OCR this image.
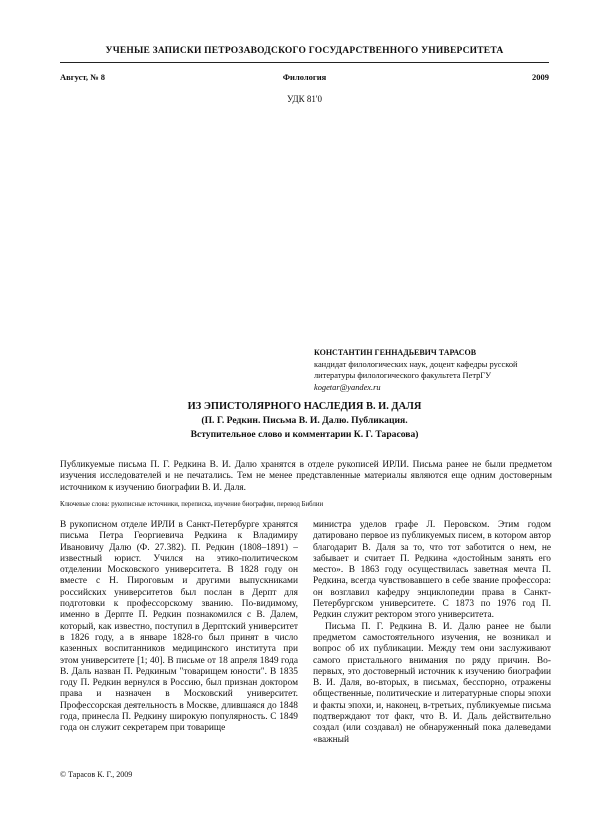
УЧЕНЫЕ ЗАПИСКИ ПЕТРОЗАВОДСКОГО ГОСУДАРСТВЕННОГО УНИВЕРСИТЕТА
Август, № 8	Филология	2009
УДК 81'0
КОНСТАНТИН ГЕННАДЬЕВИЧ ТАРАСОВ
кандидат филологических наук, доцент кафедры русской
литературы филологического факультета ПетрГУ
kogetar@yandex.ru
ИЗ ЭПИСТОЛЯРНОГО НАСЛЕДИЯ В. И. ДАЛЯ
(П. Г. Редкин. Письма В. И. Далю. Публикация.
Вступительное слово и комментарии К. Г. Тарасова)
Публикуемые письма П. Г. Редкина В. И. Далю хранятся в отделе рукописей ИРЛИ. Письма ранее не были предметом изучения исследователей и не печатались. Тем не менее представленные материалы являются еще одним достоверным источником к изучению биографии В. И. Даля.
Ключевые слова: рукописные источники, переписка, изучение биографии, перевод Библии

В рукописном отделе ИРЛИ в Санкт-Петербурге хранятся письма Петра Георгиевича Редкина к Владимиру Ивановичу Далю (Ф. 27.382). П. Редкин (1808–1891) – известный юрист. Учился на этико-политическом отделении Московского университета. В 1828 году он вместе с Н. Пироговым и другими выпускниками российских университетов был послан в Дерпт для подготовки к профессорскому званию. По-видимому, именно в Дерпте П. Редкин познакомился с В. Далем, который, как известно, поступил в Дерптский университет в 1826 году, а в январе 1828-го был принят в число казенных воспитанников медицинского института при этом университете [1; 40]. В письме от 18 апреля 1849 года В. Даль назван П. Редкиным "товарищем юности". В 1835 году П. Редкин вернулся в Россию, был признан доктором права и назначен в Московский университет. Профессорская деятельность в Москве, длившаяся до 1848 года, принесла П. Редкину широкую популярность. С 1849 года он служит секретарем при товарище

министра уделов графе Л. Перовском. Этим годом датировано первое из публикуемых писем, в котором автор благодарит В. Даля за то, что тот заботится о нем, не забывает и считает П. Редкина «достойным занять его место». В 1863 году осуществилась заветная мечта П. Редкина, всегда чувствовавшего в себе звание профессора: он возглавил кафедру энциклопедии права в Санкт-Петербургском университете. С 1873 по 1976 год П. Редкин служит ректором этого университета.

Письма П. Г. Редкина В. И. Далю ранее не были предметом самостоятельного изучения, не возникал и вопрос об их публикации. Между тем они заслуживают самого пристального внимания по ряду причин. Во-первых, это достоверный источник к изучению биографии В. И. Даля, во-вторых, в письмах, бесспорно, отражены общественные, политические и литературные споры эпохи и факты эпохи, и, наконец, в-третьих, публикуемые письма подтверждают тот факт, что В. И. Даль действительно создал (или создавал) не обнаруженный пока далеведами «важный

© Тарасов К. Г., 2009
